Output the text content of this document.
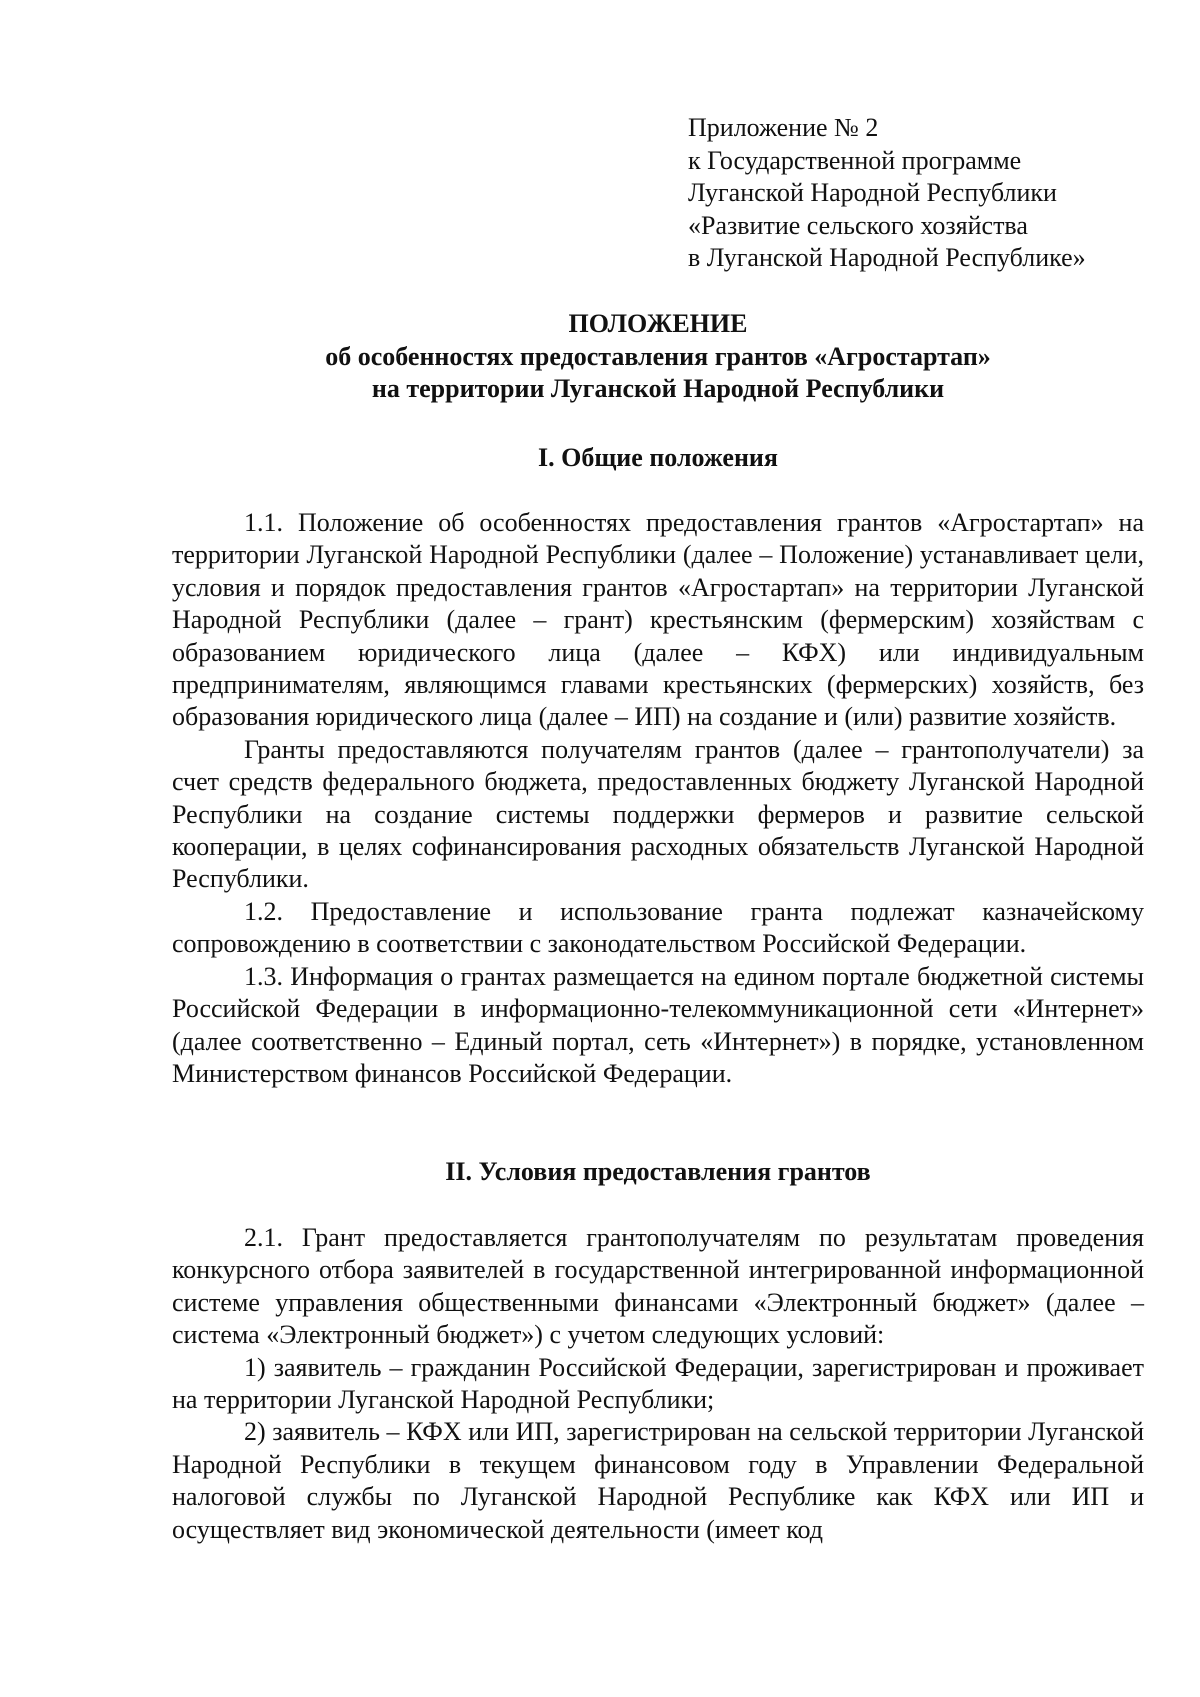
Приложение № 2
к Государственной программе
Луганской Народной Республики
«Развитие сельского хозяйства
в Луганской Народной Республике»
ПОЛОЖЕНИЕ
об особенностях предоставления грантов «Агростартап»
на территории Луганской Народной Республики
I. Общие положения

1.1. Положение об особенностях предоставления грантов «Агростартап» на территории Луганской Народной Республики (далее – Положение) устанавливает цели, условия и порядок предоставления грантов «Агростартап» на территории Луганской Народной Республики (далее – грант) крестьянским (фермерским) хозяйствам с образованием юридического лица (далее – КФХ) или индивидуальным предпринимателям, являющимся главами крестьянских (фермерских) хозяйств, без образования юридического лица (далее – ИП) на создание и (или) развитие хозяйств.

Гранты предоставляются получателям грантов (далее – грантополучатели) за счет средств федерального бюджета, предоставленных бюджету Луганской Народной Республики на создание системы поддержки фермеров и развитие сельской кооперации, в целях софинансирования расходных обязательств Луганской Народной Республики.

1.2. Предоставление и использование гранта подлежат казначейскому сопровождению в соответствии с законодательством Российской Федерации.

1.3. Информация о грантах размещается на едином портале бюджетной системы Российской Федерации в информационно-телекоммуникационной сети «Интернет» (далее соответственно – Единый портал, сеть «Интернет») в порядке, установленном Министерством финансов Российской Федерации.

II. Условия предоставления грантов

2.1. Грант предоставляется грантополучателям по результатам проведения конкурсного отбора заявителей в государственной интегрированной информационной системе управления общественными финансами «Электронный бюджет» (далее – система «Электронный бюджет») с учетом следующих условий:

1) заявитель – гражданин Российской Федерации, зарегистрирован и проживает на территории Луганской Народной Республики;

2) заявитель – КФХ или ИП, зарегистрирован на сельской территории Луганской Народной Республики в текущем финансовом году в Управлении Федеральной налоговой службы по Луганской Народной Республике как КФХ или ИП и осуществляет вид экономической деятельности (имеет код
